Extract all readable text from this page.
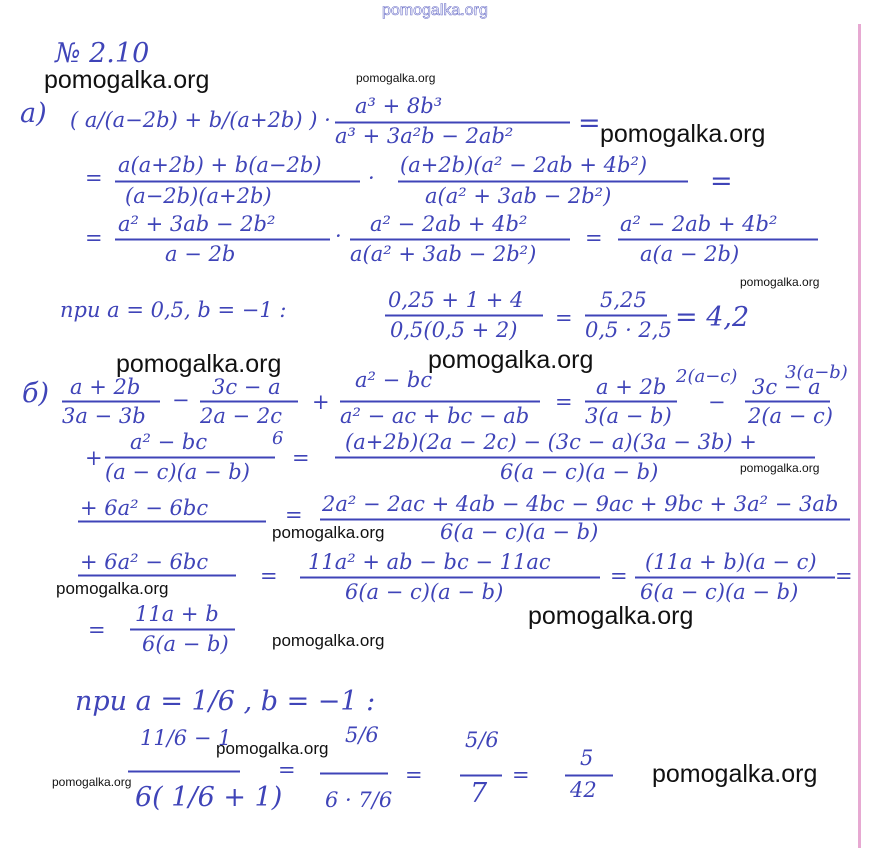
pomogalka.org
№ 2.10
а) ( a/(a−2b) + b/(a+2b) ) ·
a³ + 8b³
a³ + 3a²b − 2ab² =
=
a(a+2b) + b(a−2b)
(a−2b)(a+2b)
·
(a+2b)(a² − 2ab + 4b²)
a(a² + 3ab − 2b²)	=
=
a² + 3ab − 2b²
a − 2b
· a² − 2ab + 4b²
a(a² + 3ab − 2b²)
=
a² − 2ab + 4b²
a(a − 2b)
при a = 0,5, b = −1 :	0,25 + 1 + 4
0,5(0,5 + 2) =
5,25
0,5 · 2,5 = 4,2
б) a + 2b
3a − 3b
−
3c − a
2a − 2c
+
a² − bc
a² − ac + bc − ab
=
a + 2b 2(a−c)
3(a − b)
−
3c − a
3(a−b)
2(a − c)
+
a² − bc	6
(a − c)(a − b)
=
(a+2b)(2a − 2c) − (3c − a)(3a − 3b) +
6(a − c)(a − b)
+ 6a² − 6bc	= 2a² − 2ac + 4ab − 4bc − 9ac + 9bc + 3a² − 3ab
6(a − c)(a − b)
+ 6a² − 6bc
=
11a² + ab − bc − 11ac
6(a − c)(a − b)
=
(11a + b)(a − c)
6(a − c)(a − b)
=
=
11a + b
6(a − b)
при a = 1/6 , b = −1 :
11/6 − 1
6( 1/6 + 1)
=
5/6
6 · 7/6
=
5/6
7
=
5
42
pomogalka.org	pomogalka.org
pomogalka.org
pomogalka.org
pomogalka.org	pomogalka.org
pomogalka.org
pomogalka.org
pomogalka.org
pomogalka.org
pomogalka.org
pomogalka.org
pomogalka.org	pomogalka.org
